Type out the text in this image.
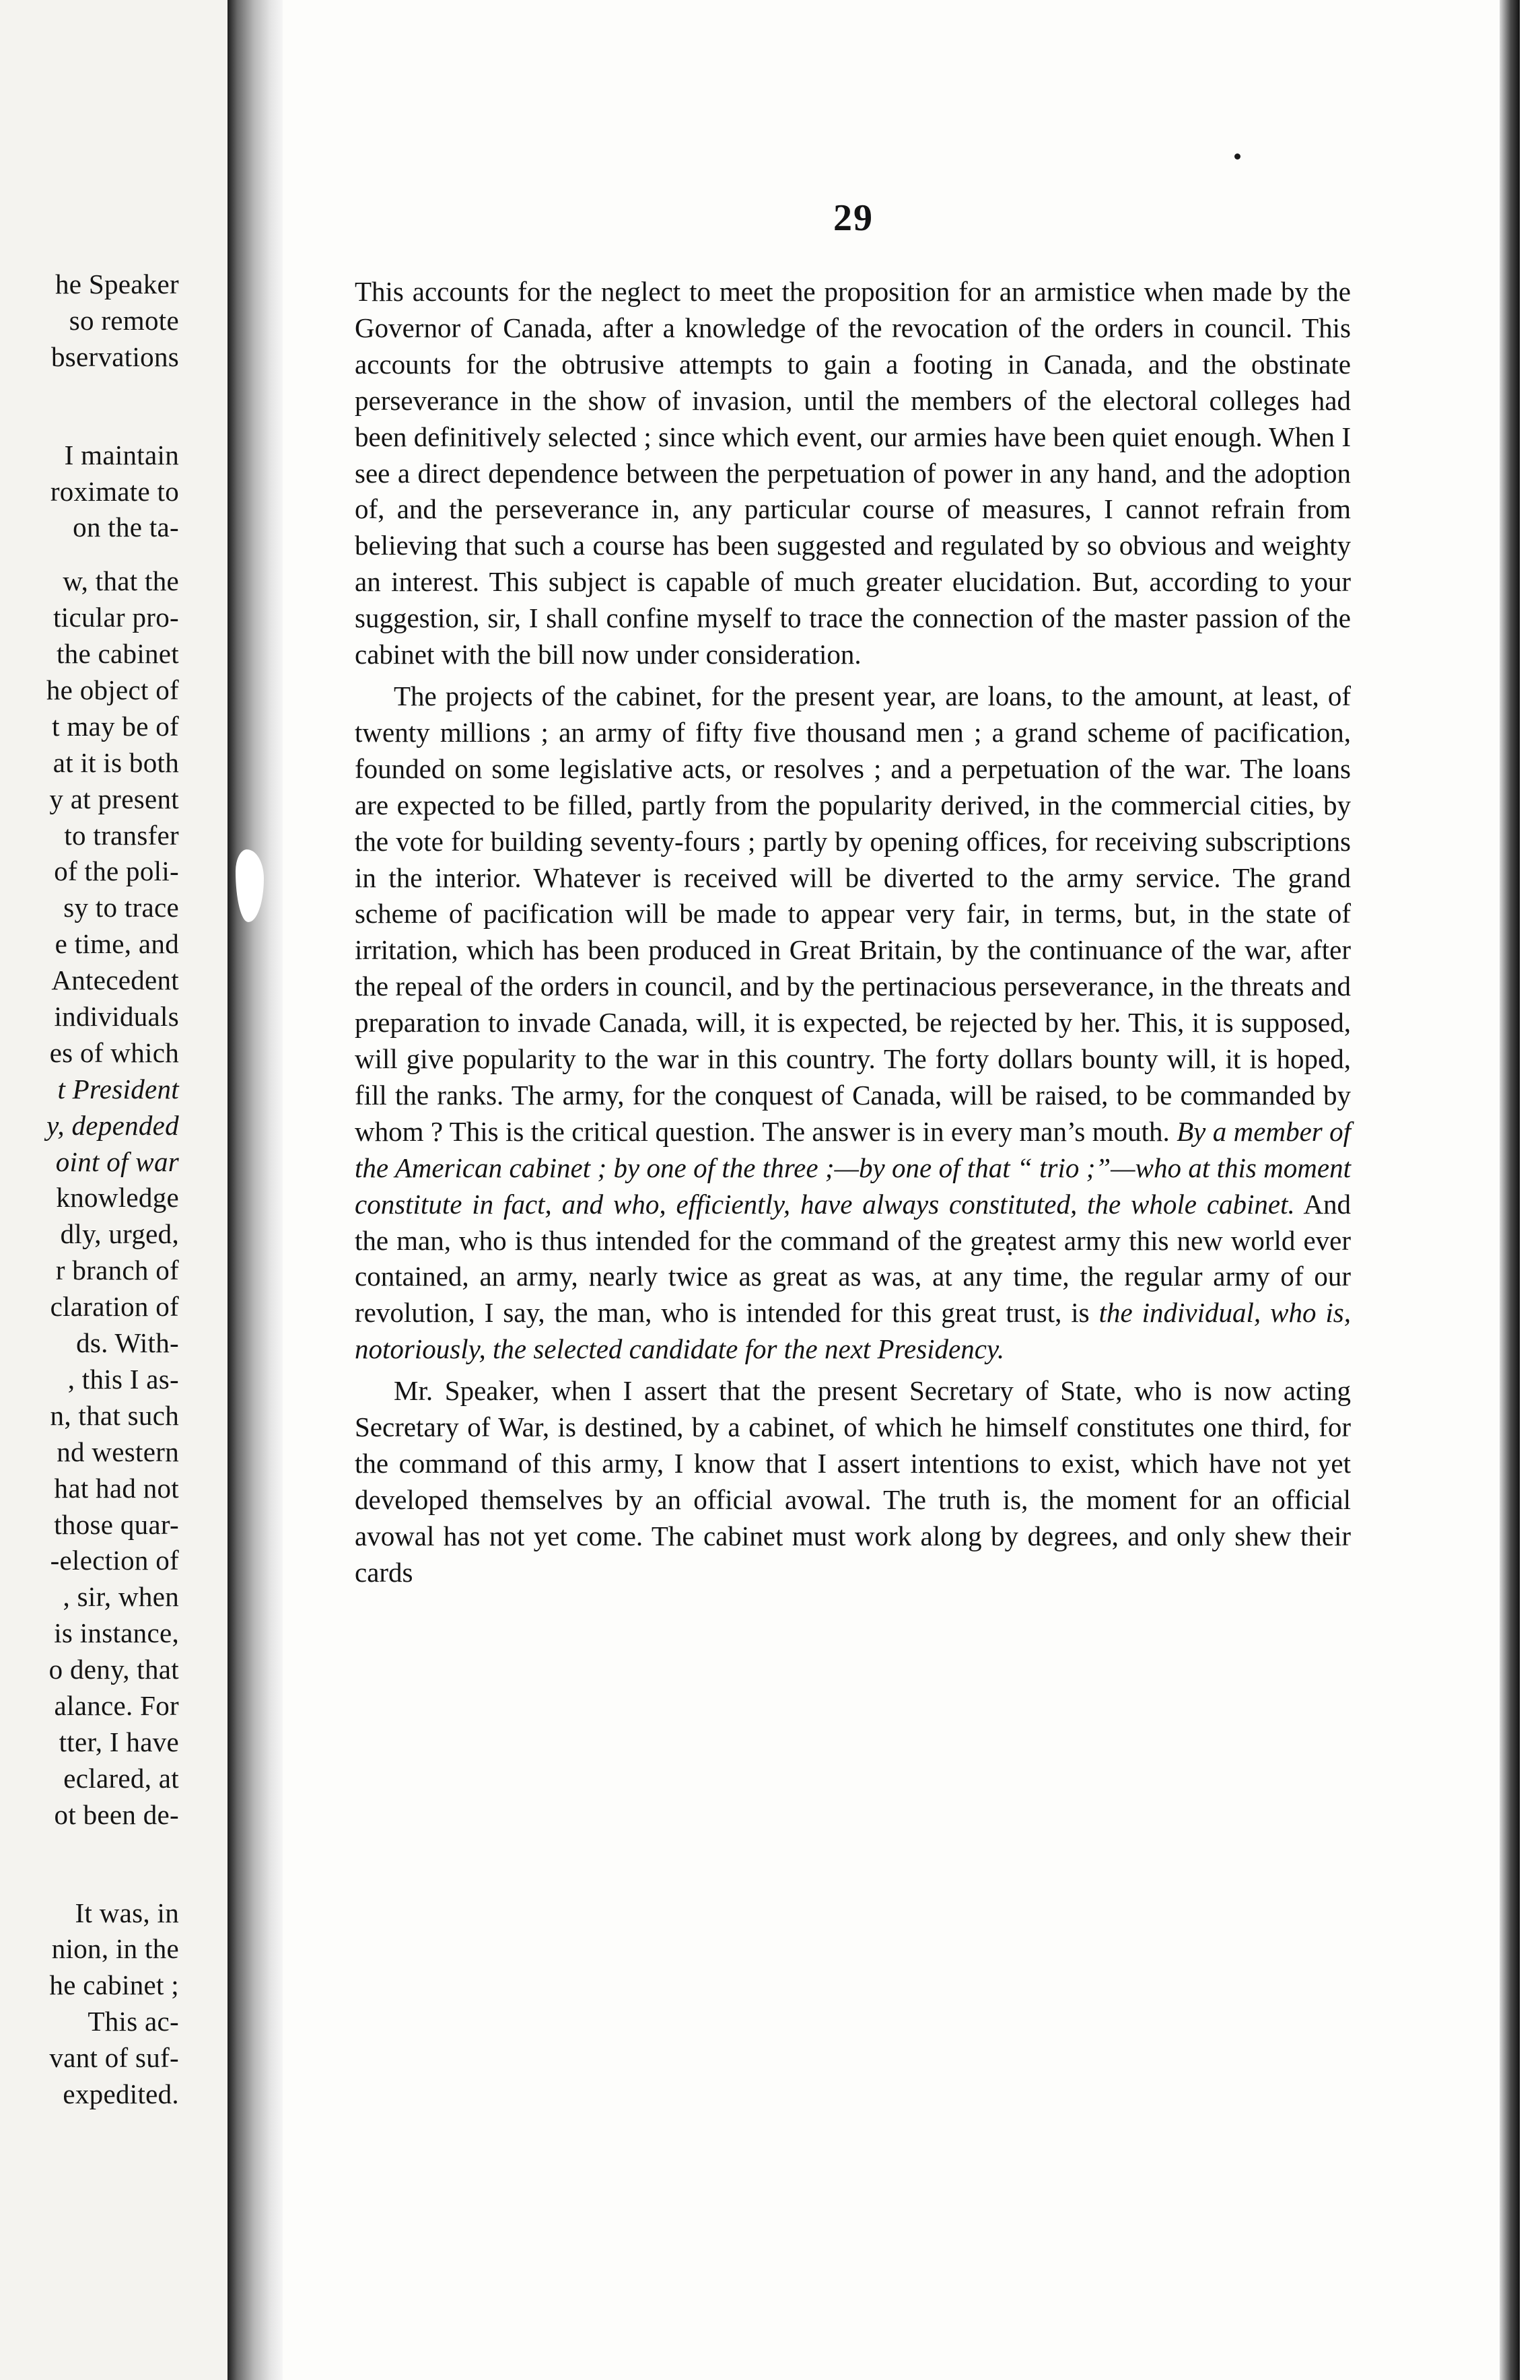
he Speaker
so remote
bservations
I maintain
roximate to
on the ta-
w, that the
ticular pro-
the cabinet
he object of
t may be of
at it is both
y at present
to transfer
of the poli-
sy to trace
e time, and
Antecedent
individuals
es of which
t President
y, depended
oint of war
knowledge
dly, urged,
r branch of
claration of
ds. With-
, this I as-
n, that such
nd western
hat had not
those quar-
-election of
, sir, when
is instance,
o deny, that
alance. For
tter, I have
eclared, at
ot been de-
It was, in
nion, in the
he cabinet ;
This ac-
vant of suf-
expedited.
29

This accounts for the neglect to meet the proposition for an armistice when made by the Governor of Canada, after a knowledge of the revocation of the orders in council. This accounts for the obtrusive attempts to gain a footing in Canada, and the obstinate perseverance in the show of invasion, until the members of the electoral colleges had been definitively selected ; since which event, our armies have been quiet enough. When I see a direct dependence between the perpetuation of power in any hand, and the adoption of, and the perseverance in, any particular course of measures, I cannot refrain from believing that such a course has been suggested and regulated by so obvious and weighty an interest. This subject is capable of much greater elucidation. But, according to your suggestion, sir, I shall confine myself to trace the connection of the master passion of the cabinet with the bill now under consideration.

The projects of the cabinet, for the present year, are loans, to the amount, at least, of twenty millions ; an army of fifty five thousand men ; a grand scheme of pacification, founded on some legislative acts, or resolves ; and a perpetuation of the war. The loans are expected to be filled, partly from the popularity derived, in the commercial cities, by the vote for building seventy-fours ; partly by opening offices, for receiving subscriptions in the interior. Whatever is received will be diverted to the army service. The grand scheme of pacification will be made to appear very fair, in terms, but, in the state of irritation, which has been produced in Great Britain, by the continuance of the war, after the repeal of the orders in council, and by the pertinacious perseverance, in the threats and preparation to invade Canada, will, it is expected, be rejected by her. This, it is supposed, will give popularity to the war in this country. The forty dollars bounty will, it is hoped, fill the ranks. The army, for the conquest of Canada, will be raised, to be commanded by whom ? This is the critical question. The answer is in every man’s mouth. By a member of the American cabinet ; by one of the three ;—by one of that “ trio ;”—who at this moment constitute in fact, and who, efficiently, have always constituted, the whole cabinet. And the man, who is thus intended for the command of the greatest army this new world ever contained, an army, nearly twice as great as was, at any time, the regular army of our revolution, I say, the man, who is intended for this great trust, is the individual, who is, notoriously, the selected candidate for the next Presidency.

Mr. Speaker, when I assert that the present Secretary of State, who is now acting Secretary of War, is destined, by a cabinet, of which he himself constitutes one third, for the command of this army, I know that I assert intentions to exist, which have not yet developed themselves by an official avowal. The truth is, the moment for an official avowal has not yet come. The cabinet must work along by degrees, and only shew their cards
